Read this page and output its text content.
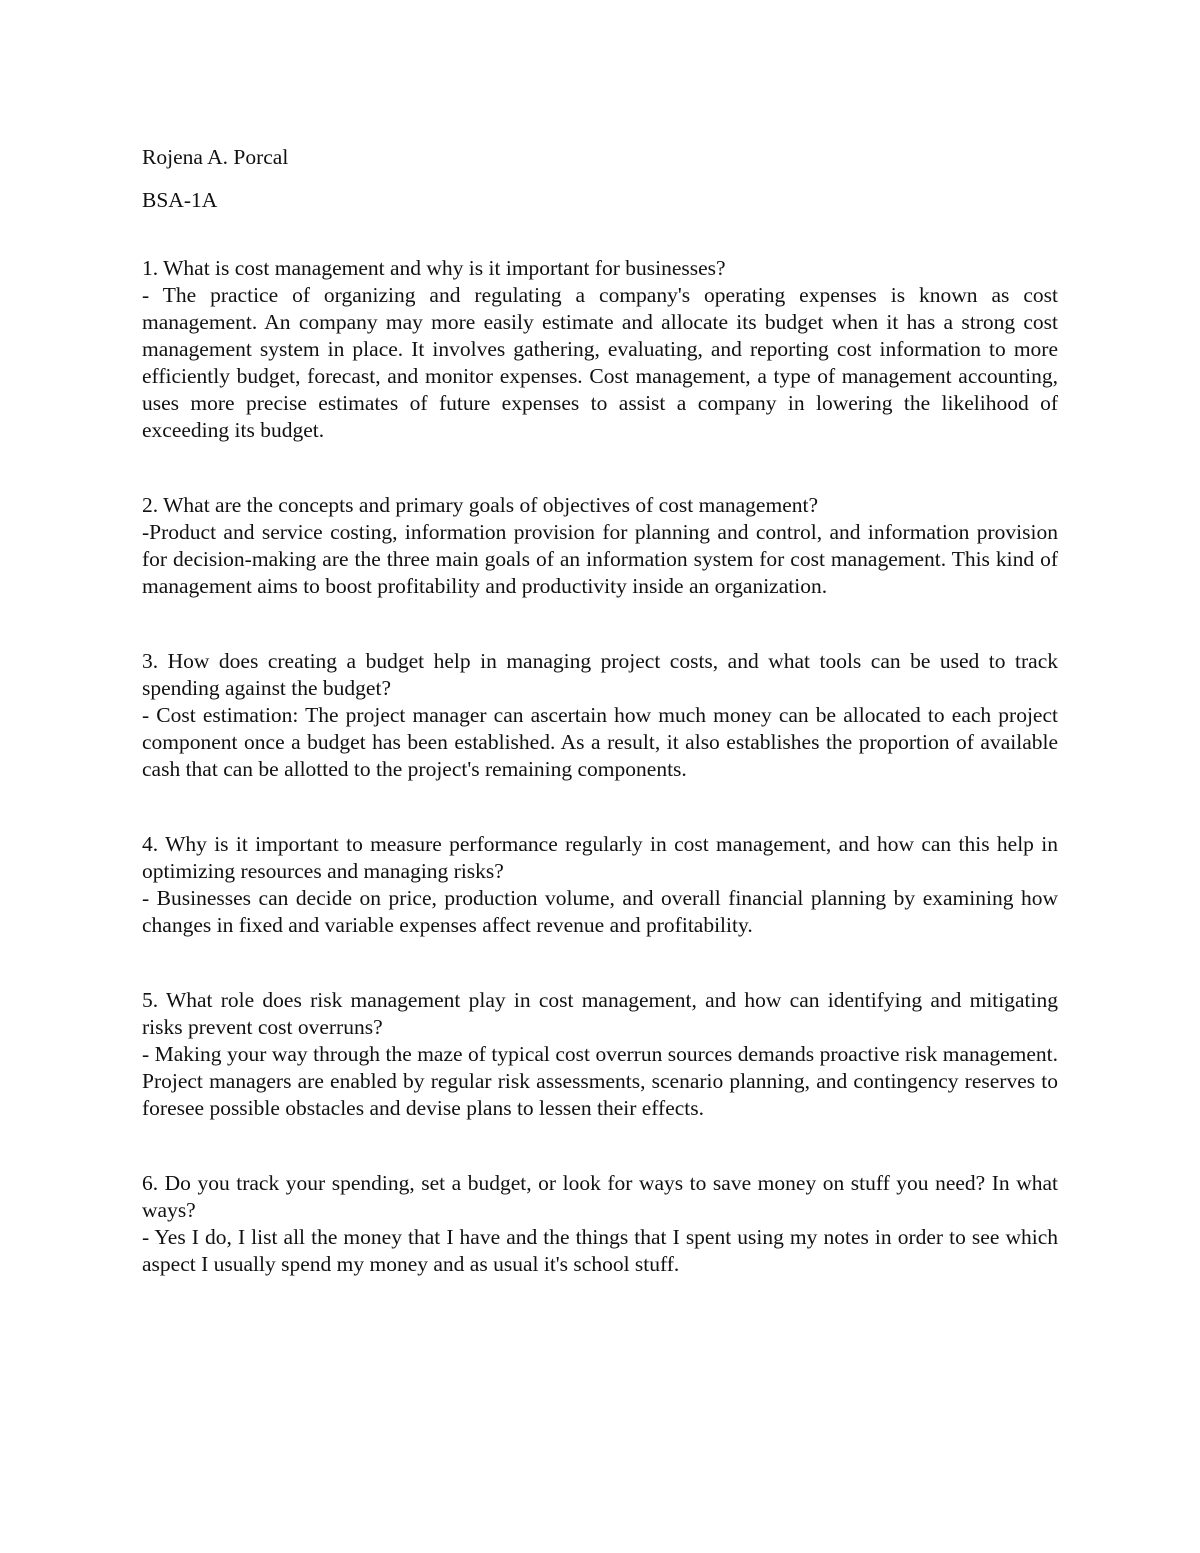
Rojena A. Porcal

BSA-1A

1. What is cost management and why is it important for businesses?

- The practice of organizing and regulating a company's operating expenses is known as cost management. An company may more easily estimate and allocate its budget when it has a strong cost management system in place. It involves gathering, evaluating, and reporting cost information to more efficiently budget, forecast, and monitor expenses. Cost management, a type of management accounting, uses more precise estimates of future expenses to assist a company in lowering the likelihood of exceeding its budget.

2. What are the concepts and primary goals of objectives of cost management?

-Product and service costing, information provision for planning and control, and information provision for decision-making are the three main goals of an information system for cost management. This kind of management aims to boost profitability and productivity inside an organization.

3. How does creating a budget help in managing project costs, and what tools can be used to track spending against the budget?

- Cost estimation: The project manager can ascertain how much money can be allocated to each project component once a budget has been established. As a result, it also establishes the proportion of available cash that can be allotted to the project's remaining components.

4. Why is it important to measure performance regularly in cost management, and how can this help in optimizing resources and managing risks?

- Businesses can decide on price, production volume, and overall financial planning by examining how changes in fixed and variable expenses affect revenue and profitability.

5. What role does risk management play in cost management, and how can identifying and mitigating risks prevent cost overruns?

- Making your way through the maze of typical cost overrun sources demands proactive risk management. Project managers are enabled by regular risk assessments, scenario planning, and contingency reserves to foresee possible obstacles and devise plans to lessen their effects.

6. Do you track your spending, set a budget, or look for ways to save money on stuff you need? In what ways?

- Yes I do, I list all the money that I have and the things that I spent using my notes in order to see which aspect I usually spend my money and as usual it's school stuff.
